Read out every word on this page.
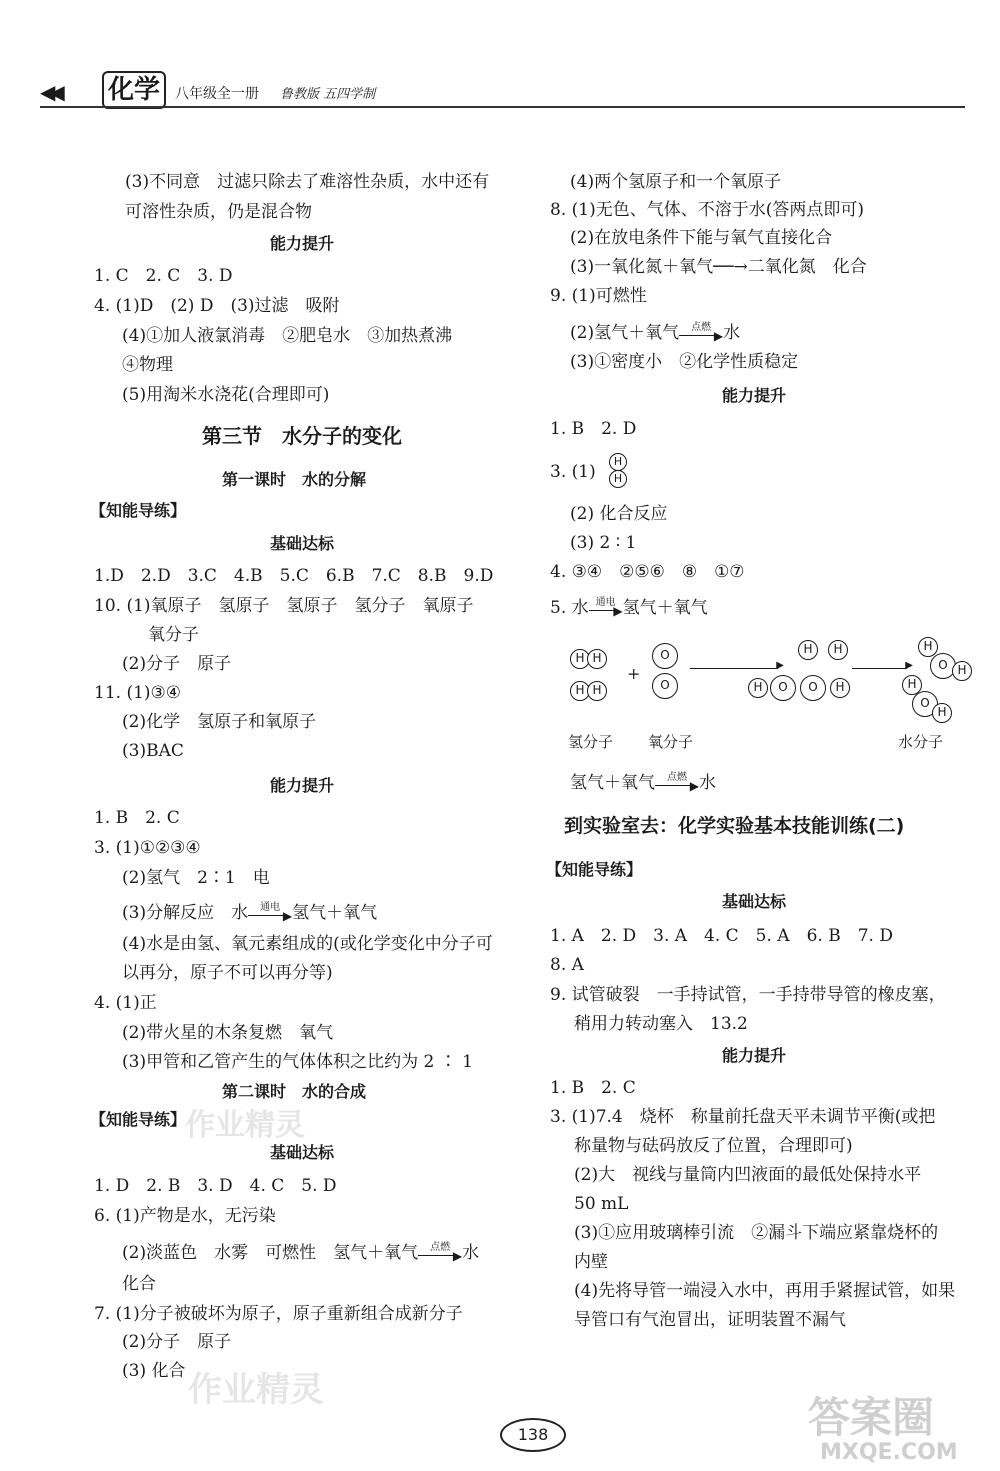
◀◀ 化学	八年级全一册 鲁教版 五四学制
(3)不同意　过滤只除去了难溶性杂质，水中还有
可溶性杂质，仍是混合物
能力提升
1. C　2. C　3. D
4. (1)D　(2) D　(3)过滤　吸附
(4)①加人液氯消毒　②肥皂水　③加热煮沸
④物理
(5)用淘米水浇花(合理即可)
第三节　水分子的变化
第一课时　水的分解
【知能导练】
基础达标
1.D　2.D　3.C　4.B　5.C　6.B　7.C　8.B　9.D
10. (1)氧原子　氢原子　氢原子　氢分子　氧原子
氧分子
(2)分子　原子
11. (1)③④
(2)化学　氢原子和氧原子
(3)BAC
能力提升
1. B　2. C
3. (1)①②③④
(2)氢气　2∶1　电
(3)分解反应　水	通电
▶ 氢气＋氧气
(4)水是由氢、氧元素组成的(或化学变化中分子可
以再分，原子不可以再分等)
4. (1)正
(2)带火星的木条复燃　氧气
(3)甲管和乙管产生的气体体积之比约为 2 ∶ 1
第二课时　水的合成
【知能导练】
基础达标
1. D　2. B　3. D　4. C　5. D
6. (1)产物是水，无污染
(2)淡蓝色　水雾　可燃性　氢气＋氧气	点燃
▶ 水
化合
7. (1)分子被破坏为原子，原子重新组合成新分子
(2)分子　原子
(3) 化合
(4)两个氢原子和一个氧原子
8. (1)无色、气体、不溶于水(答两点即可)
(2)在放电条件下能与氧气直接化合
(3)一氧化氮＋氧气──→二氧化氮　化合
9. (1)可燃性
(2)氢气＋氧气	点燃
▶ 水
(3)①密度小　②化学性质稳定
能力提升
1. B　2. D
3. (1)
H
H
(2) 化合反应
(3) 2 ∶ 1
4. ③④　②⑤⑥　⑧　①⑦
5. 水 通电
▶ 氢气＋氧气
H H
H H
+
O
O
▶
H	H
H	O	O	H
▶
H
O H
H
O
H
氢分子 氧分子	水分子
氢气＋氧气	点燃
▶ 水
到实验室去：化学实验基本技能训练(二)
【知能导练】
基础达标
1. A　2. D　3. A　4. C　5. A　6. B　7. D
8. A
9. 试管破裂　一手持试管，一手持带导管的橡皮塞，
稍用力转动塞入　13.2
能力提升
1. B　2. C
3. (1)7.4　烧杯　称量前托盘天平未调节平衡(或把
称量物与砝码放反了位置，合理即可)
(2)大　视线与量筒内凹液面的最低处保持水平
50 mL
(3)①应用玻璃棒引流　②漏斗下端应紧靠烧杯的
内壁
(4)先将导管一端浸入水中，再用手紧握试管，如果
导管口有气泡冒出，证明装置不漏气
作业精灵
作业精灵
答案圈
MXQE.COM
138
